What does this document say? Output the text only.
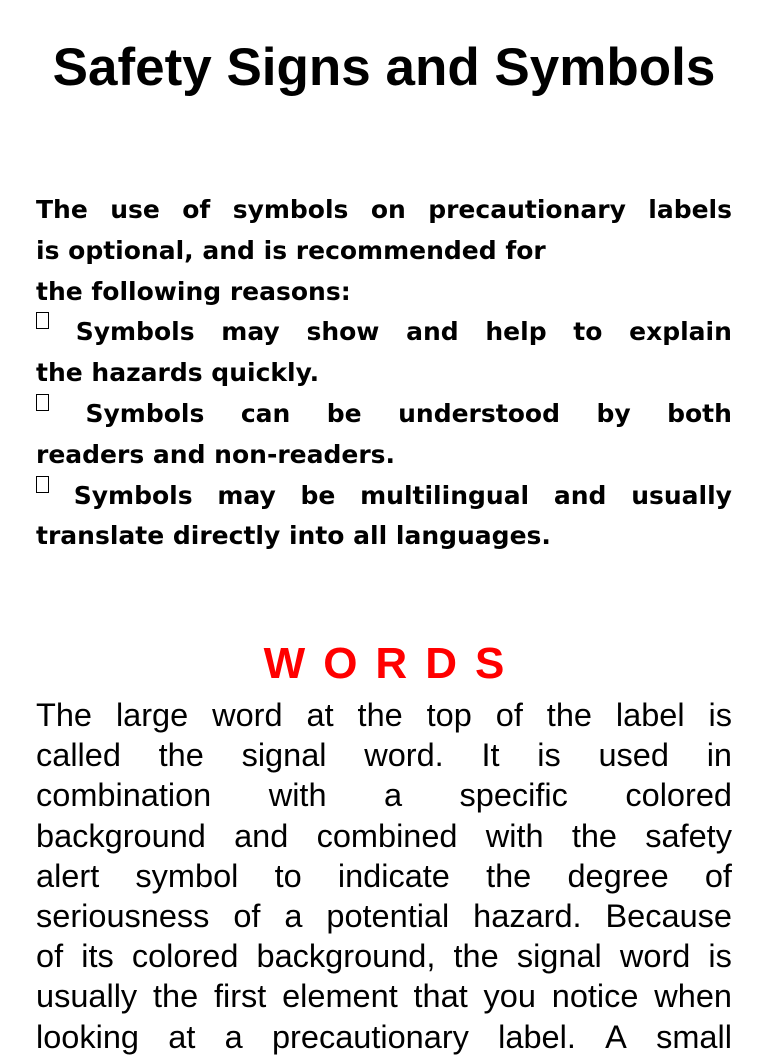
Safety Signs and Symbols
The use of symbols on precautionary labels
is optional, and is recommended for
the following reasons:
Symbols may show and help to explain
the hazards quickly.
Symbols can be understood by both
readers and non-readers.
Symbols may be multilingual and usually
translate directly into all languages.
WORDS
The large word at the top of the label is
called the signal word. It is used in
combination with a specific colored
background and combined with the safety
alert symbol to indicate the degree of
seriousness of a potential hazard. Because
of its colored background, the signal word is
usually the first element that you notice when
looking at a precautionary label. A small
